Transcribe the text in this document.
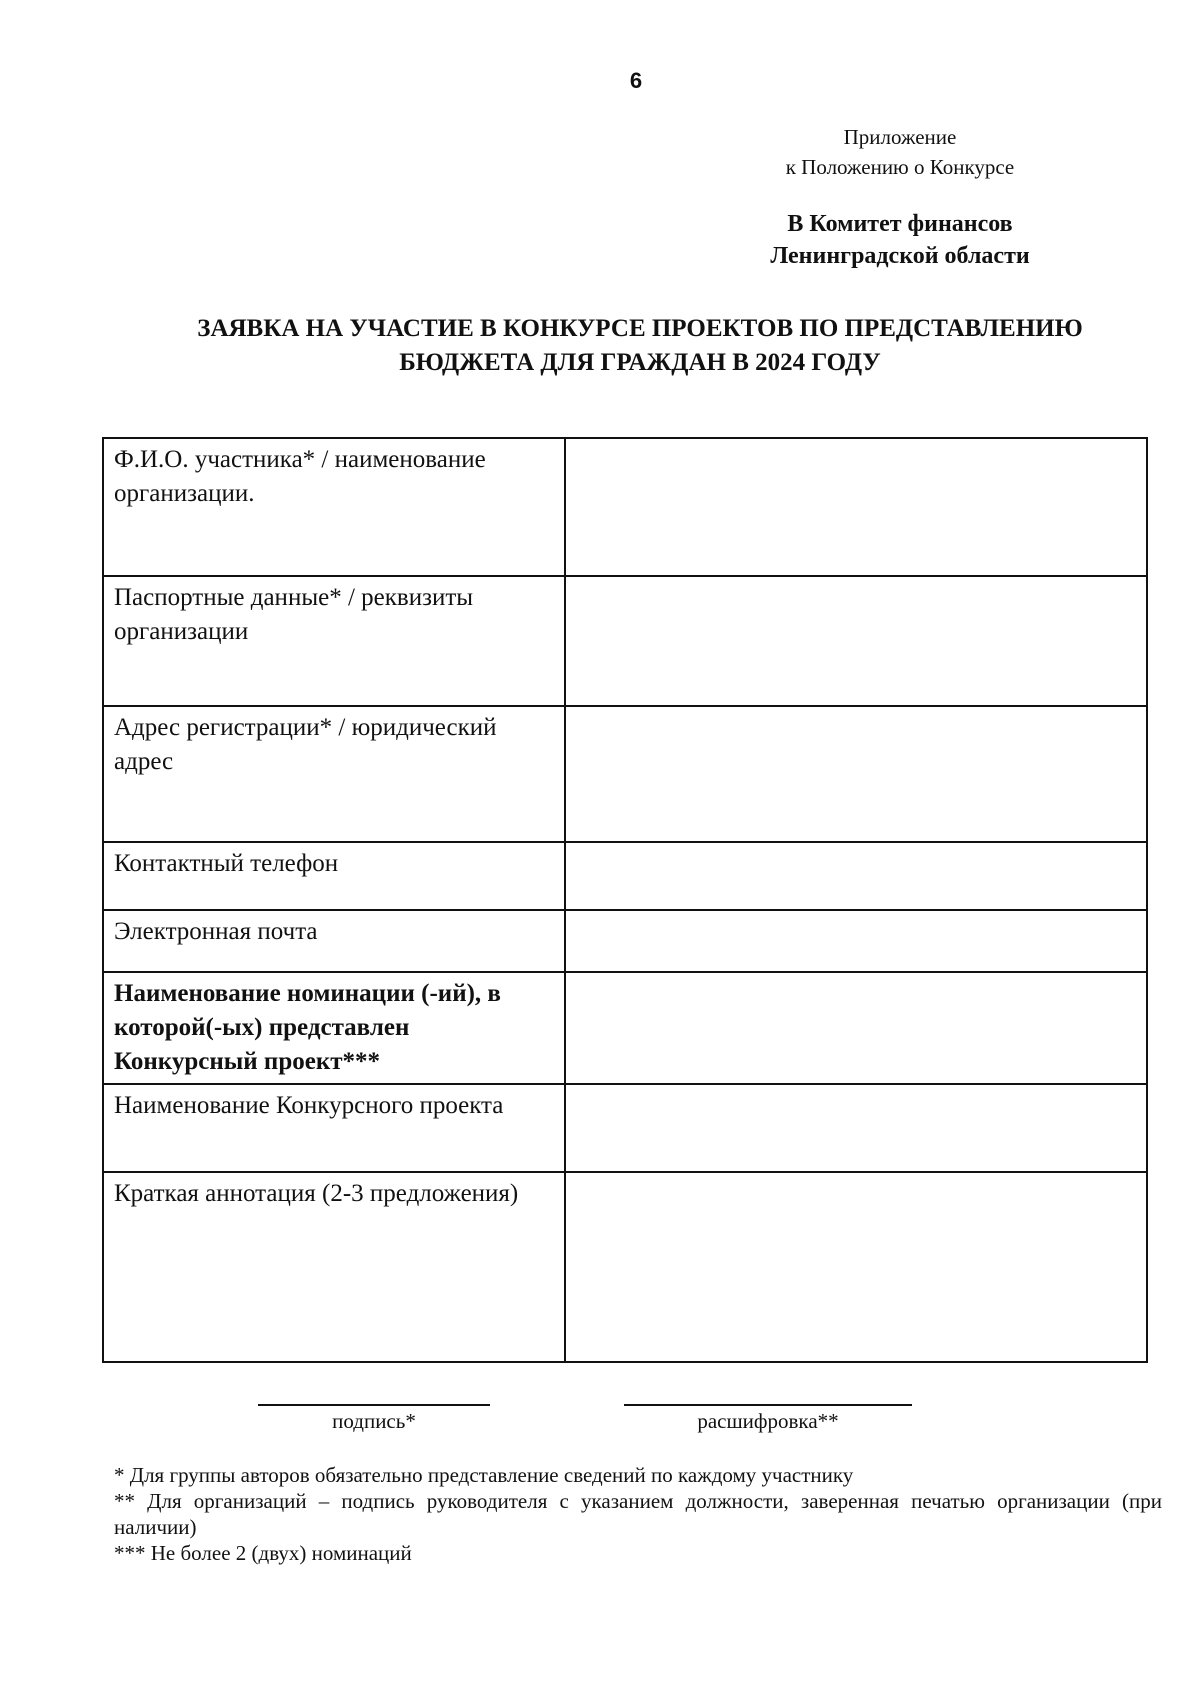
6
Приложение
к Положению о Конкурсе
В Комитет финансов
Ленинградской области
ЗАЯВКА НА УЧАСТИЕ В КОНКУРСЕ ПРОЕКТОВ ПО ПРЕДСТАВЛЕНИЮ
БЮДЖЕТА ДЛЯ ГРАЖДАН В 2024 ГОДУ
Ф.И.О. участника* / наименование организации.	
Паспортные данные* / реквизиты организации	
Адрес регистрации* / юридический адрес	
Контактный телефон	
Электронная почта	
Наименование номинации (-ий), в которой(-ых) представлен Конкурсный проект***	
Наименование Конкурсного проекта	
Краткая аннотация (2-3 предложения)	
подпись*	расшифровка**

* Для группы авторов обязательно представление сведений по каждому участнику

** Для организаций – подпись руководителя с указанием должности, заверенная печатью организации (при наличии)

*** Не более 2 (двух) номинаций
